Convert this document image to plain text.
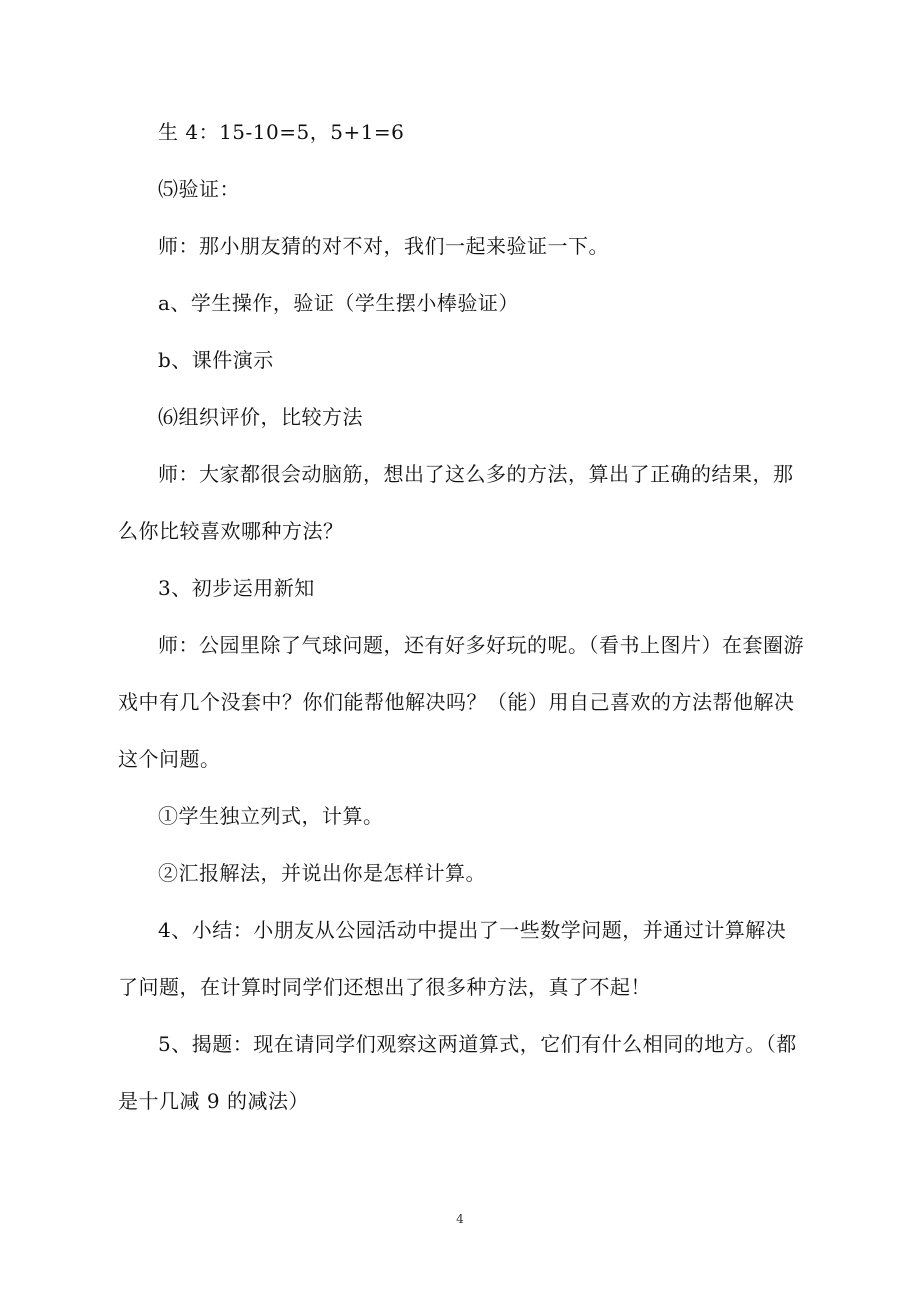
生 4：15-10=5，5+1=6

⑸验证：

师：那小朋友猜的对不对，我们一起来验证一下。

a、学生操作，验证（学生摆小棒验证）

b、课件演示

⑹组织评价，比较方法

师：大家都很会动脑筋，想出了这么多的方法，算出了正确的结果，那么你比较喜欢哪种方法？

3、初步运用新知

师：公园里除了气球问题，还有好多好玩的呢。（看书上图片）在套圈游戏中有几个没套中？你们能帮他解决吗？（能）用自己喜欢的方法帮他解决这个问题。

①学生独立列式，计算。

②汇报解法，并说出你是怎样计算。

4、小结：小朋友从公园活动中提出了一些数学问题，并通过计算解决了问题，在计算时同学们还想出了很多种方法，真了不起！

5、揭题：现在请同学们观察这两道算式，它们有什么相同的地方。（都是十几减 9 的减法）

4
